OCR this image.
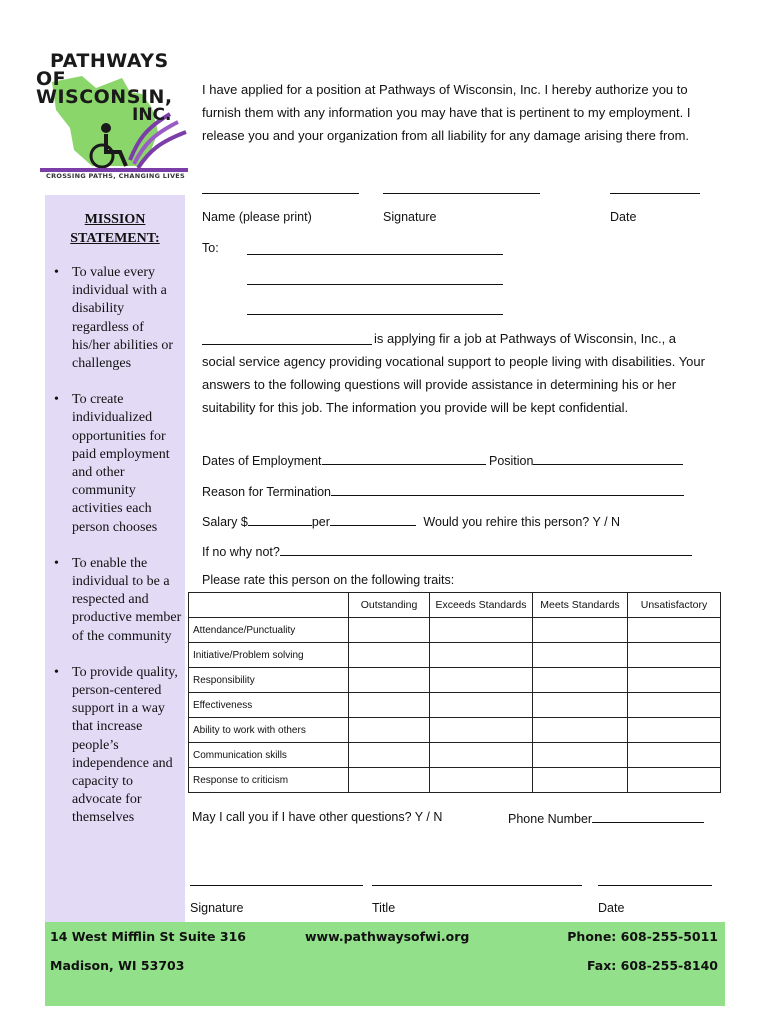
PATHWAYS
OF WISCONSIN,
INC.
CROSSING PATHS, CHANGING LIVES
I have applied for a position at Pathways of Wisconsin, Inc. I hereby authorize you to furnish them with any information you may have that is pertinent to my employment. I release you and your organization from all liability for any damage arising there from.
Name (please print)	Signature	Date
To:
is applying fir a job at Pathways of Wisconsin, Inc., a social service agency providing vocational support to people living with disabilities. Your answers to the following questions will provide assistance in determining his or her suitability for this job. The information you provide will be kept confidential.
Dates of Employment	Position
Reason for Termination
Salary $	per	Would you rehire this person? Y / N
If no why not?
Please rate this person on the following traits:
	Outstanding	Exceeds Standards	Meets Standards	Unsatisfactory
Attendance/Punctuality				
Initiative/Problem solving				
Responsibility				
Effectiveness				
Ability to work with others				
Communication skills				
Response to criticism				
May I call you if I have other questions? Y / N	Phone Number
Signature	Title	Date
MISSION
STATEMENT:
• To value every individual with a disability regardless of his/her abilities or challenges
• To create individualized opportunities for paid employment and other community activities each person chooses
• To enable the individual to be a respected and productive member of the community
• To provide quality, person-centered support in a way that increase people’s independence and capacity to advocate for themselves
14 West Mifflin St Suite 316
Madison, WI 53703
www.pathwaysofwi.org	Phone: 608-255-5011
Fax: 608-255-8140
